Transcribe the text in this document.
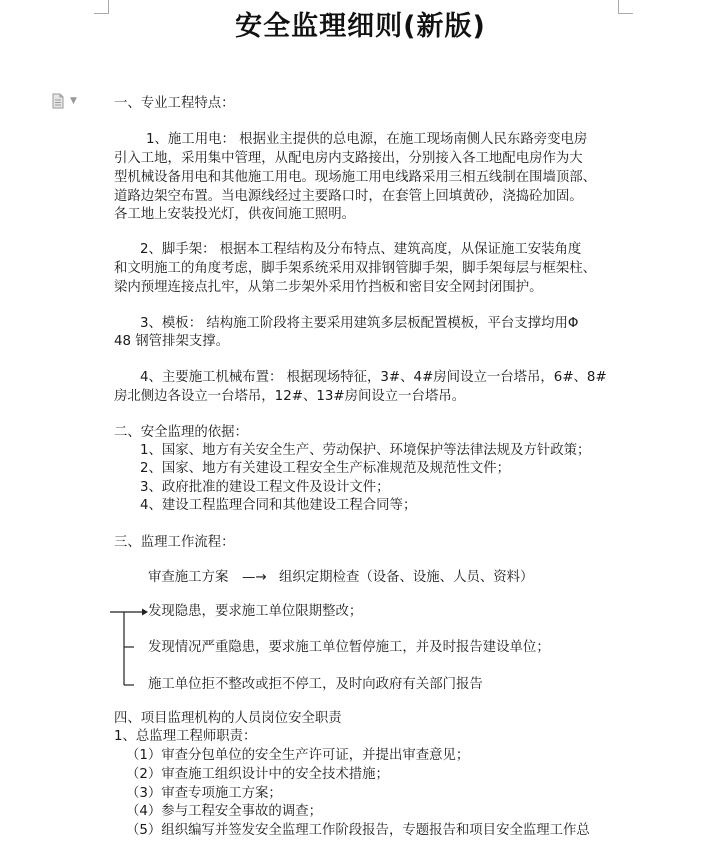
安全监理细则(新版)
▼	一、专业工程特点：
1、施工用电： 根据业主提供的总电源，在施工现场南侧人民东路旁变电房
引入工地，采用集中管理，从配电房内支路接出，分别接入各工地配电房作为大
型机械设备用电和其他施工用电。现场施工用电线路采用三相五线制在围墙顶部、
道路边架空布置。当电源线经过主要路口时，在套管上回填黄砂，浇捣砼加固。
各工地上安装投光灯，供夜间施工照明。
2、脚手架： 根据本工程结构及分布特点、建筑高度，从保证施工安装角度
和文明施工的角度考虑，脚手架系统采用双排钢管脚手架，脚手架每层与框架柱、
梁内预埋连接点扎牢，从第二步架外采用竹挡板和密目安全网封闭围护。
3、模板： 结构施工阶段将主要采用建筑多层板配置模板，平台支撑均用Φ
48 钢管排架支撑。
4、主要施工机械布置： 根据现场特征，3#、4#房间设立一台塔吊，6#、8#
房北侧边各设立一台塔吊，12#、13#房间设立一台塔吊。
二、安全监理的依据：
1、国家、地方有关安全生产、劳动保护、环境保护等法律法规及方针政策；
2、国家、地方有关建设工程安全生产标准规范及规范性文件；
3、政府批准的建设工程文件及设计文件；
4、建设工程监理合同和其他建设工程合同等；
三、监理工作流程：
审查施工方案 —→ 组织定期检查（设备、设施、人员、资料）
发现隐患，要求施工单位限期整改；
发现情况严重隐患，要求施工单位暂停施工，并及时报告建设单位；
施工单位拒不整改或拒不停工，及时向政府有关部门报告
四、项目监理机构的人员岗位安全职责
1、总监理工程师职责：
（1）审查分包单位的安全生产许可证，并提出审查意见；
（2）审查施工组织设计中的安全技术措施；
（3）审查专项施工方案；
（4）参与工程安全事故的调查；
（5）组织编写并签发安全监理工作阶段报告，专题报告和项目安全监理工作总
